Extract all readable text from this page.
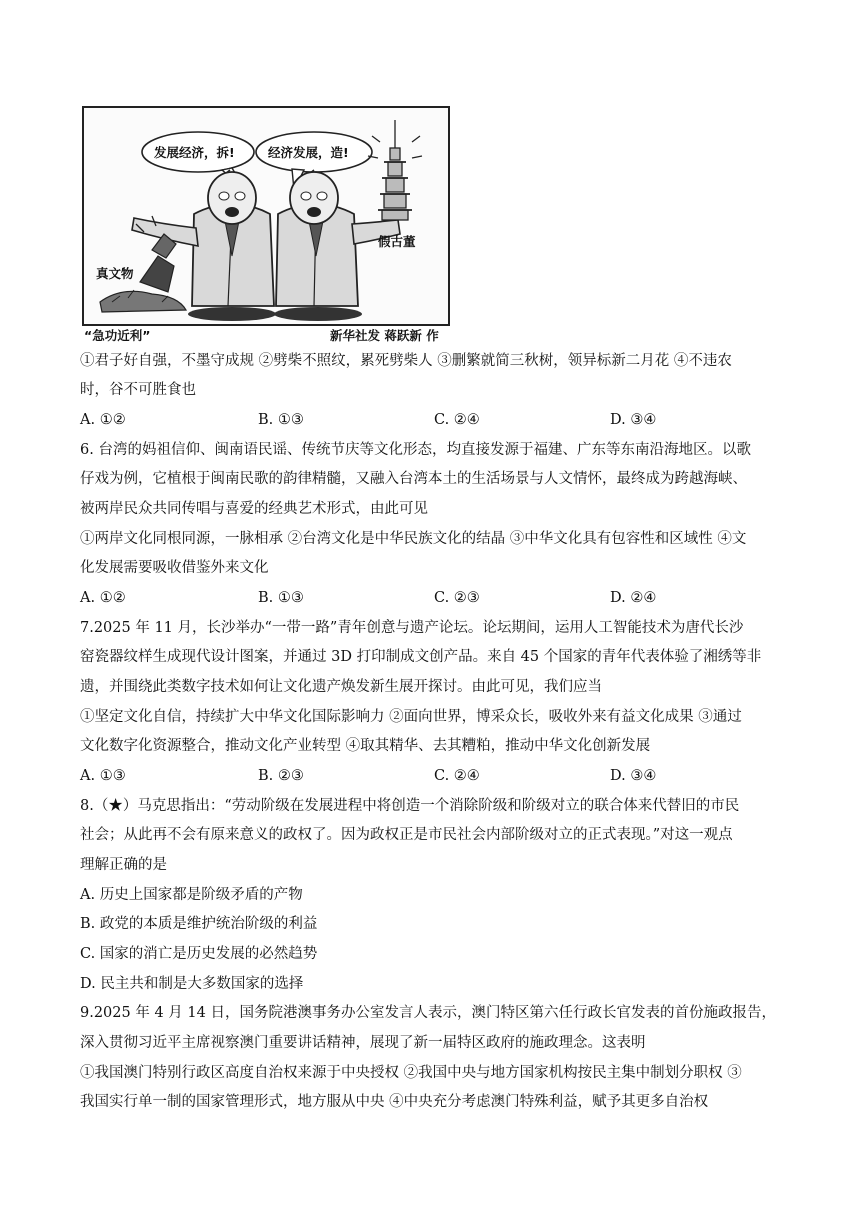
发展经济，拆!	经济发展，造!
真文物
假古董
“急功近利”	新华社发 蒋跃新 作
①君子好自强，不墨守成规 ②劈柴不照纹，累死劈柴人 ③删繁就简三秋树，领异标新二月花 ④不违农
时，谷不可胜食也
A. ①②	B. ①③	C. ②④	D. ③④
6. 台湾的妈祖信仰、闽南语民谣、传统节庆等文化形态，均直接发源于福建、广东等东南沿海地区。以歌
仔戏为例，它植根于闽南民歌的韵律精髓，又融入台湾本土的生活场景与人文情怀，最终成为跨越海峡、
被两岸民众共同传唱与喜爱的经典艺术形式，由此可见
①两岸文化同根同源，一脉相承 ②台湾文化是中华民族文化的结晶 ③中华文化具有包容性和区域性 ④文
化发展需要吸收借鉴外来文化
A. ①②	B. ①③	C. ②③	D. ②④
7.2025 年 11 月，长沙举办“一带一路”青年创意与遗产论坛。论坛期间，运用人工智能技术为唐代长沙
窑瓷器纹样生成现代设计图案，并通过 3D 打印制成文创产品。来自 45 个国家的青年代表体验了湘绣等非
遗，并围绕此类数字技术如何让文化遗产焕发新生展开探讨。由此可见，我们应当
①坚定文化自信，持续扩大中华文化国际影响力 ②面向世界，博采众长，吸收外来有益文化成果 ③通过
文化数字化资源整合，推动文化产业转型 ④取其精华、去其糟粕，推动中华文化创新发展
A. ①③	B. ②③	C. ②④	D. ③④
8.（★）马克思指出：“劳动阶级在发展进程中将创造一个消除阶级和阶级对立的联合体来代替旧的市民
社会；从此再不会有原来意义的政权了。因为政权正是市民社会内部阶级对立的正式表现。”对这一观点
理解正确的是
A. 历史上国家都是阶级矛盾的产物
B. 政党的本质是维护统治阶级的利益
C. 国家的消亡是历史发展的必然趋势
D. 民主共和制是大多数国家的选择
9.2025 年 4 月 14 日，国务院港澳事务办公室发言人表示，澳门特区第六任行政长官发表的首份施政报告，
深入贯彻习近平主席视察澳门重要讲话精神，展现了新一届特区政府的施政理念。这表明
①我国澳门特别行政区高度自治权来源于中央授权 ②我国中央与地方国家机构按民主集中制划分职权 ③
我国实行单一制的国家管理形式，地方服从中央 ④中央充分考虑澳门特殊利益，赋予其更多自治权
